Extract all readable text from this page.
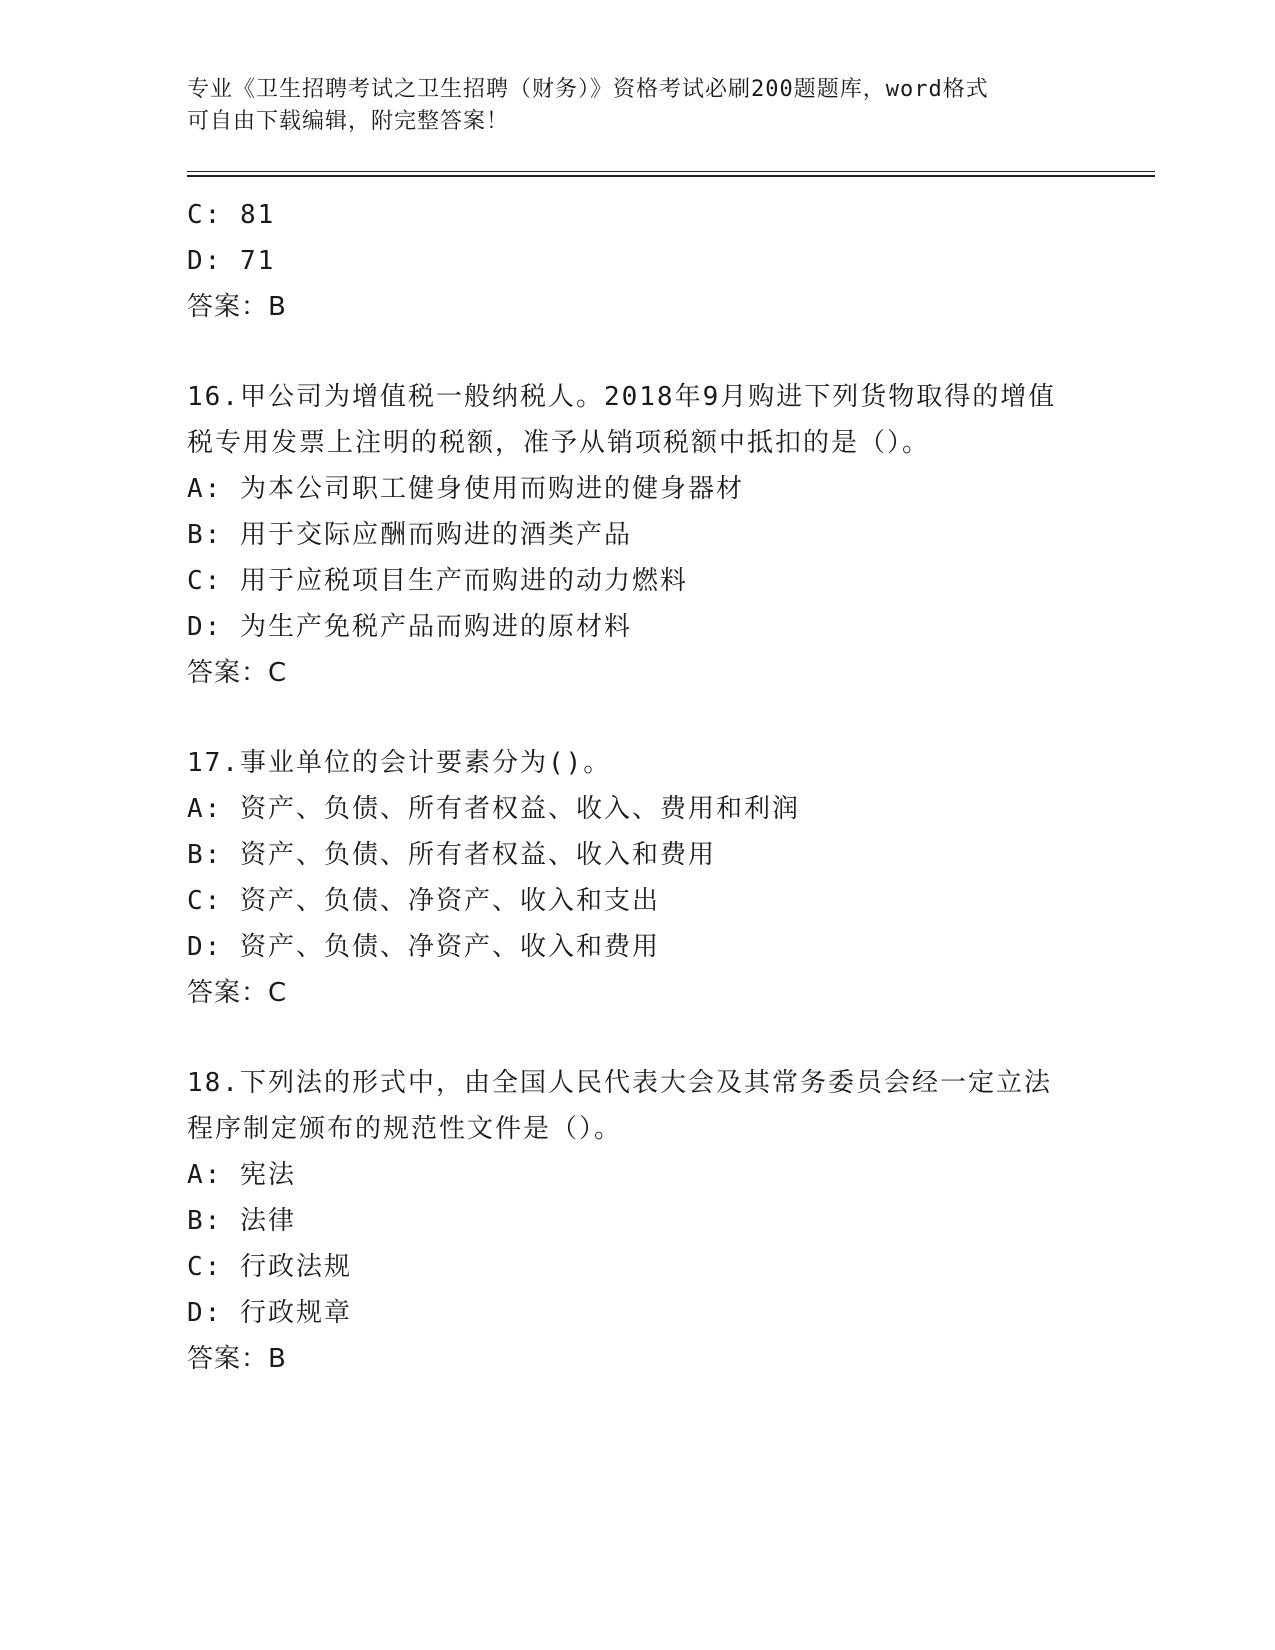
专业《卫生招聘考试之卫生招聘（财务）》资格考试必刷200题题库，word格式
可自由下载编辑，附完整答案！
C: 81
D: 71
答案：B
16.甲公司为增值税一般纳税人。2018年9月购进下列货物取得的增值
税专用发票上注明的税额，准予从销项税额中抵扣的是（）。
A: 为本公司职工健身使用而购进的健身器材
B: 用于交际应酬而购进的酒类产品
C: 用于应税项目生产而购进的动力燃料
D: 为生产免税产品而购进的原材料
答案：C
17.事业单位的会计要素分为()。
A: 资产、负债、所有者权益、收入、费用和利润
B: 资产、负债、所有者权益、收入和费用
C: 资产、负债、净资产、收入和支出
D: 资产、负债、净资产、收入和费用
答案：C
18.下列法的形式中，由全国人民代表大会及其常务委员会经一定立法
程序制定颁布的规范性文件是（）。
A: 宪法
B: 法律
C: 行政法规
D: 行政规章
答案：B
